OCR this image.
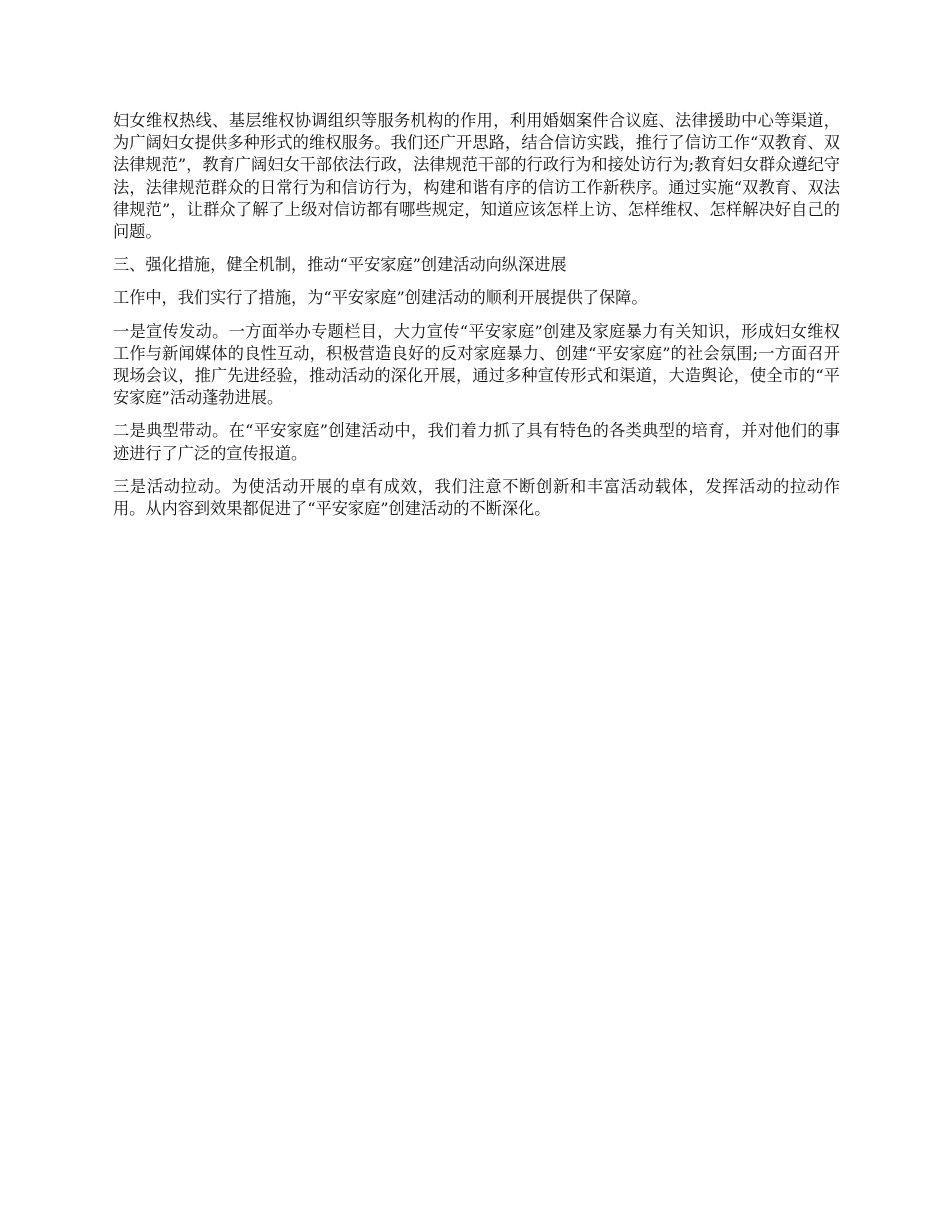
妇女维权热线、基层维权协调组织等服务机构的作用，利用婚姻案件合议庭、法律援助中心等渠道，为广阔妇女提供多种形式的维权服务。我们还广开思路，结合信访实践，推行了信访工作“双教育、双法律规范”，教育广阔妇女干部依法行政，法律规范干部的行政行为和接处访行为;教育妇女群众遵纪守法，法律规范群众的日常行为和信访行为，构建和谐有序的信访工作新秩序。通过实施“双教育、双法律规范”，让群众了解了上级对信访都有哪些规定，知道应该怎样上访、怎样维权、怎样解决好自己的问题。

三、强化措施，健全机制，推动“平安家庭”创建活动向纵深进展

工作中，我们实行了措施，为“平安家庭”创建活动的顺利开展提供了保障。

一是宣传发动。一方面举办专题栏目，大力宣传“平安家庭”创建及家庭暴力有关知识，形成妇女维权工作与新闻媒体的良性互动，积极营造良好的反对家庭暴力、创建“平安家庭”的社会氛围;一方面召开现场会议，推广先进经验，推动活动的深化开展，通过多种宣传形式和渠道，大造舆论，使全市的“平安家庭”活动蓬勃进展。

二是典型带动。在“平安家庭”创建活动中，我们着力抓了具有特色的各类典型的培育，并对他们的事迹进行了广泛的宣传报道。

三是活动拉动。为使活动开展的卓有成效，我们注意不断创新和丰富活动载体，发挥活动的拉动作用。从内容到效果都促进了“平安家庭”创建活动的不断深化。
